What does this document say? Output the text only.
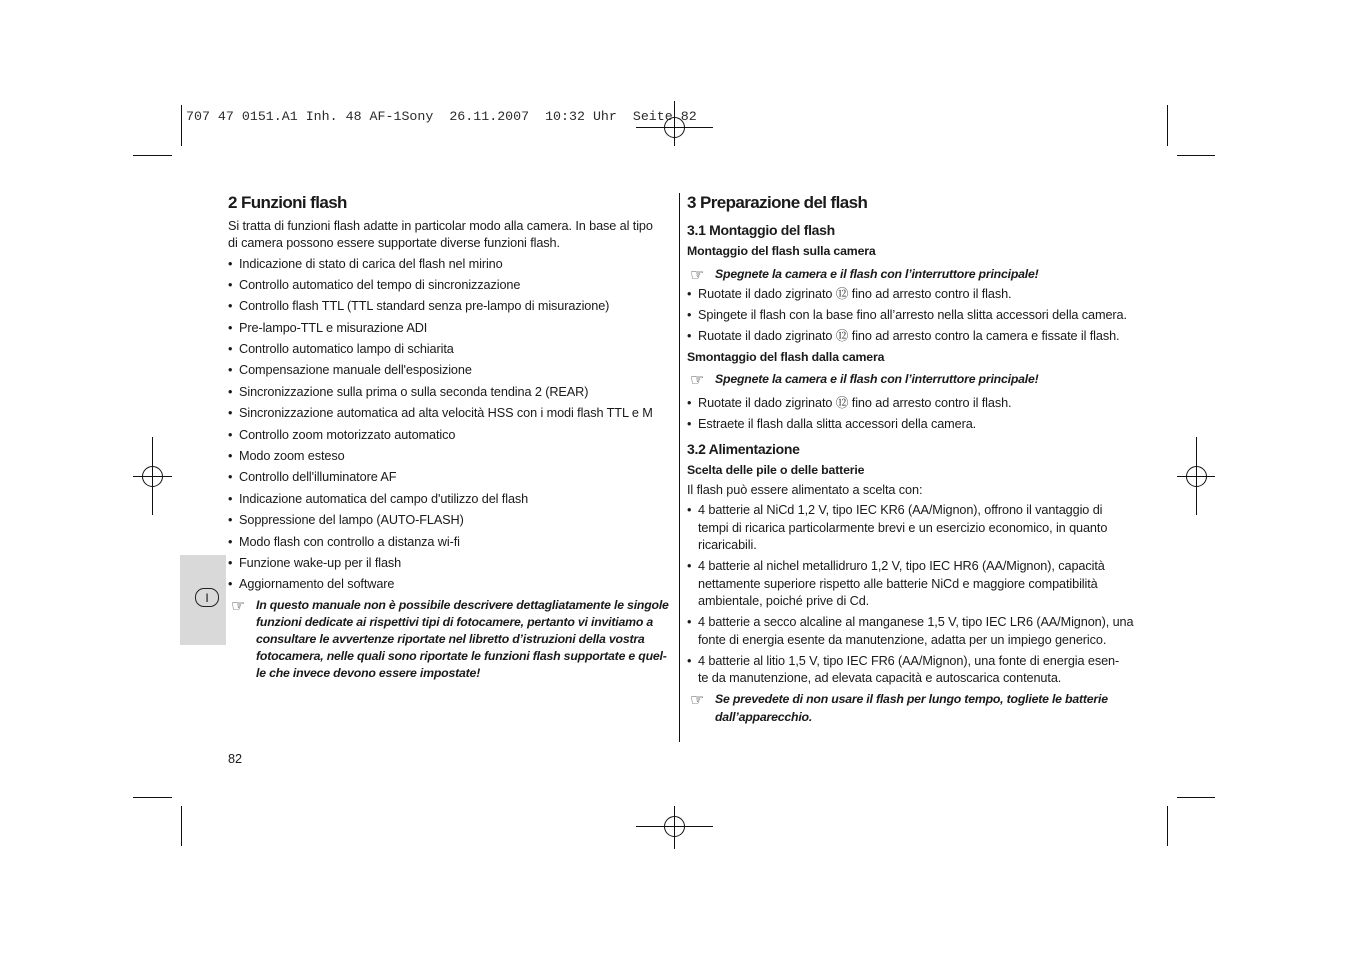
707 47 0151.A1 Inh. 48 AF-1Sony  26.11.2007  10:32 Uhr  Seite 82
I
2 Funzioni flash

Si tratta di funzioni flash adatte in particolar modo alla camera. In base al tipo
di camera possono essere supportate diverse funzioni flash.

• Indicazione di stato di carica del flash nel mirino
• Controllo automatico del tempo di sincronizzazione
• Controllo flash TTL (TTL standard senza pre-lampo di misurazione)
• Pre-lampo-TTL e misurazione ADI
• Controllo automatico lampo di schiarita
• Compensazione manuale dell'esposizione
• Sincronizzazione sulla prima o sulla seconda tendina 2 (REAR)
• Sincronizzazione automatica ad alta velocità HSS con i modi flash TTL e M
• Controllo zoom motorizzato automatico
• Modo zoom esteso
• Controllo dell'illuminatore AF
• Indicazione automatica del campo d'utilizzo del flash
• Soppressione del lampo (AUTO-FLASH)
• Modo flash con controllo a distanza wi-fi
• Funzione wake-up per il flash
• Aggiornamento del software
☞
In questo manuale non è possibile descrivere dettagliatamente le singole
funzioni dedicate ai rispettivi tipi di fotocamere, pertanto vi invitiamo a
consultare le avvertenze riportate nel libretto d’istruzioni della vostra
fotocamera, nelle quali sono riportate le funzioni flash supportate e quel-
le che invece devono essere impostate!
3 Preparazione del flash
3.1 Montaggio del flash
Montaggio del flash sulla camera
☞
Spegnete la camera e il flash con l’interruttore principale!
• Ruotate il dado zigrinato ⑫ fino ad arresto contro il flash.
• Spingete il flash con la base fino all’arresto nella slitta accessori della camera.
• Ruotate il dado zigrinato ⑫ fino ad arresto contro la camera e fissate il flash.
Smontaggio del flash dalla camera
☞
Spegnete la camera e il flash con l’interruttore principale!
• Ruotate il dado zigrinato ⑫ fino ad arresto contro il flash.
• Estraete il flash dalla slitta accessori della camera.
3.2 Alimentazione
Scelta delle pile o delle batterie
Il flash può essere alimentato a scelta con:
• 4 batterie al NiCd 1,2 V, tipo IEC KR6 (AA/Mignon), offrono il vantaggio di
tempi di ricarica particolarmente brevi e un esercizio economico, in quanto
ricaricabili.
• 4 batterie al nichel metallidruro 1,2 V, tipo IEC HR6 (AA/Mignon), capacità
nettamente superiore rispetto alle batterie NiCd e maggiore compatibilità
ambientale, poiché prive di Cd.
• 4 batterie a secco alcaline al manganese 1,5 V, tipo IEC LR6 (AA/Mignon), una
fonte di energia esente da manutenzione, adatta per un impiego generico.
• 4 batterie al litio 1,5 V, tipo IEC FR6 (AA/Mignon), una fonte di energia esen-
te da manutenzione, ad elevata capacità e autoscarica contenuta.
☞
Se prevedete di non usare il flash per lungo tempo, togliete le batterie
dall’apparecchio.
82
